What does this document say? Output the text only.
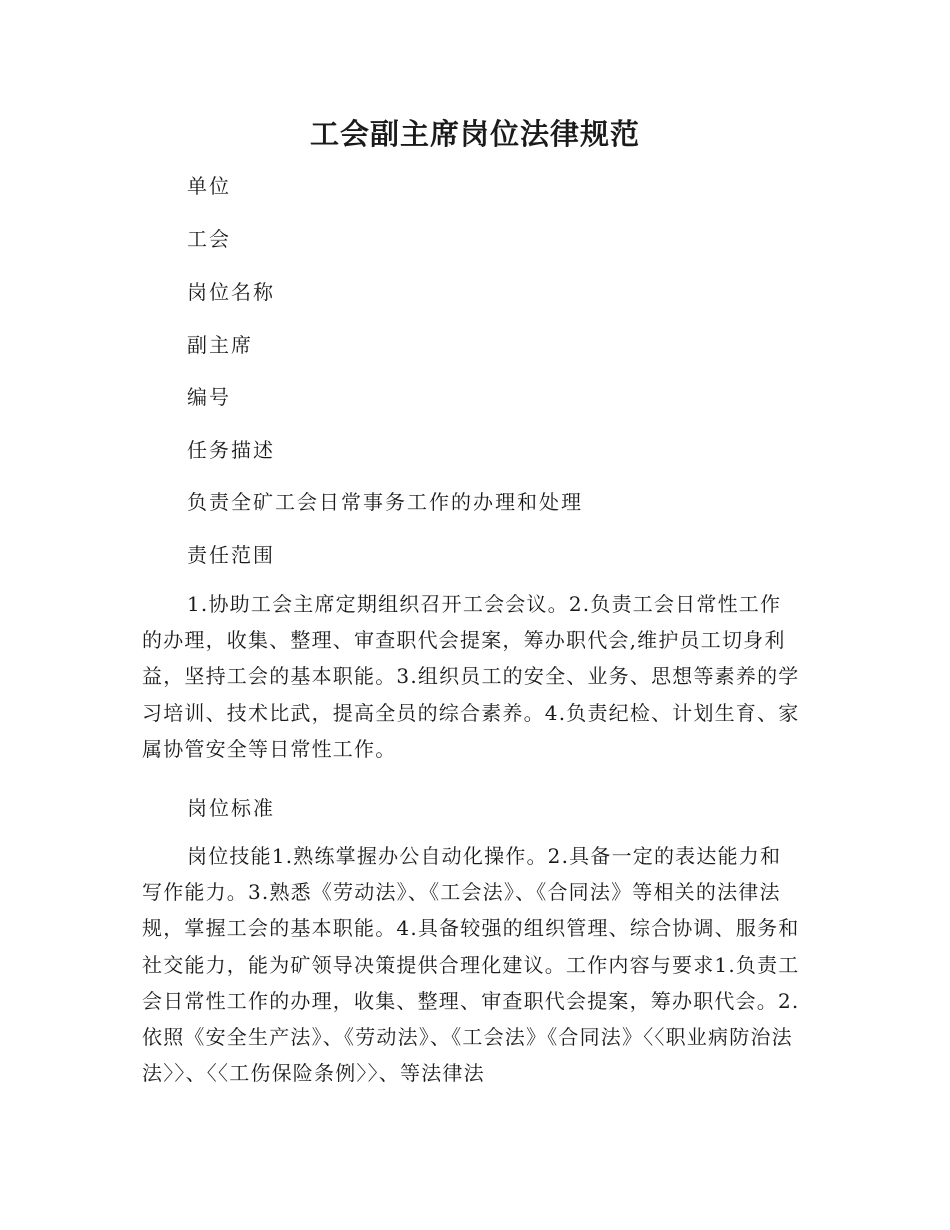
工会副主席岗位法律规范

单位

工会

岗位名称

副主席

编号

任务描述

负责全矿工会日常事务工作的办理和处理

责任范围

1.协助工会主席定期组织召开工会会议。2.负责工会日常性工作的办理，收集、整理、审查职代会提案，筹办职代会,维护员工切身利益，坚持工会的基本职能。3.组织员工的安全、业务、思想等素养的学习培训、技术比武，提高全员的综合素养。4.负责纪检、计划生育、家属协管安全等日常性工作。

岗位标准

岗位技能1.熟练掌握办公自动化操作。2.具备一定的表达能力和写作能力。3.熟悉《劳动法》、《工会法》、《合同法》等相关的法律法规，掌握工会的基本职能。4.具备较强的组织管理、综合协调、服务和社交能力，能为矿领导决策提供合理化建议。工作内容与要求1.负责工会日常性工作的办理，收集、整理、审查职代会提案，筹办职代会。2.依照《安全生产法》、《劳动法》、《工会法》《合同法》〈〈职业病防治法法〉〉、〈〈工伤保险条例〉〉、等法律法
